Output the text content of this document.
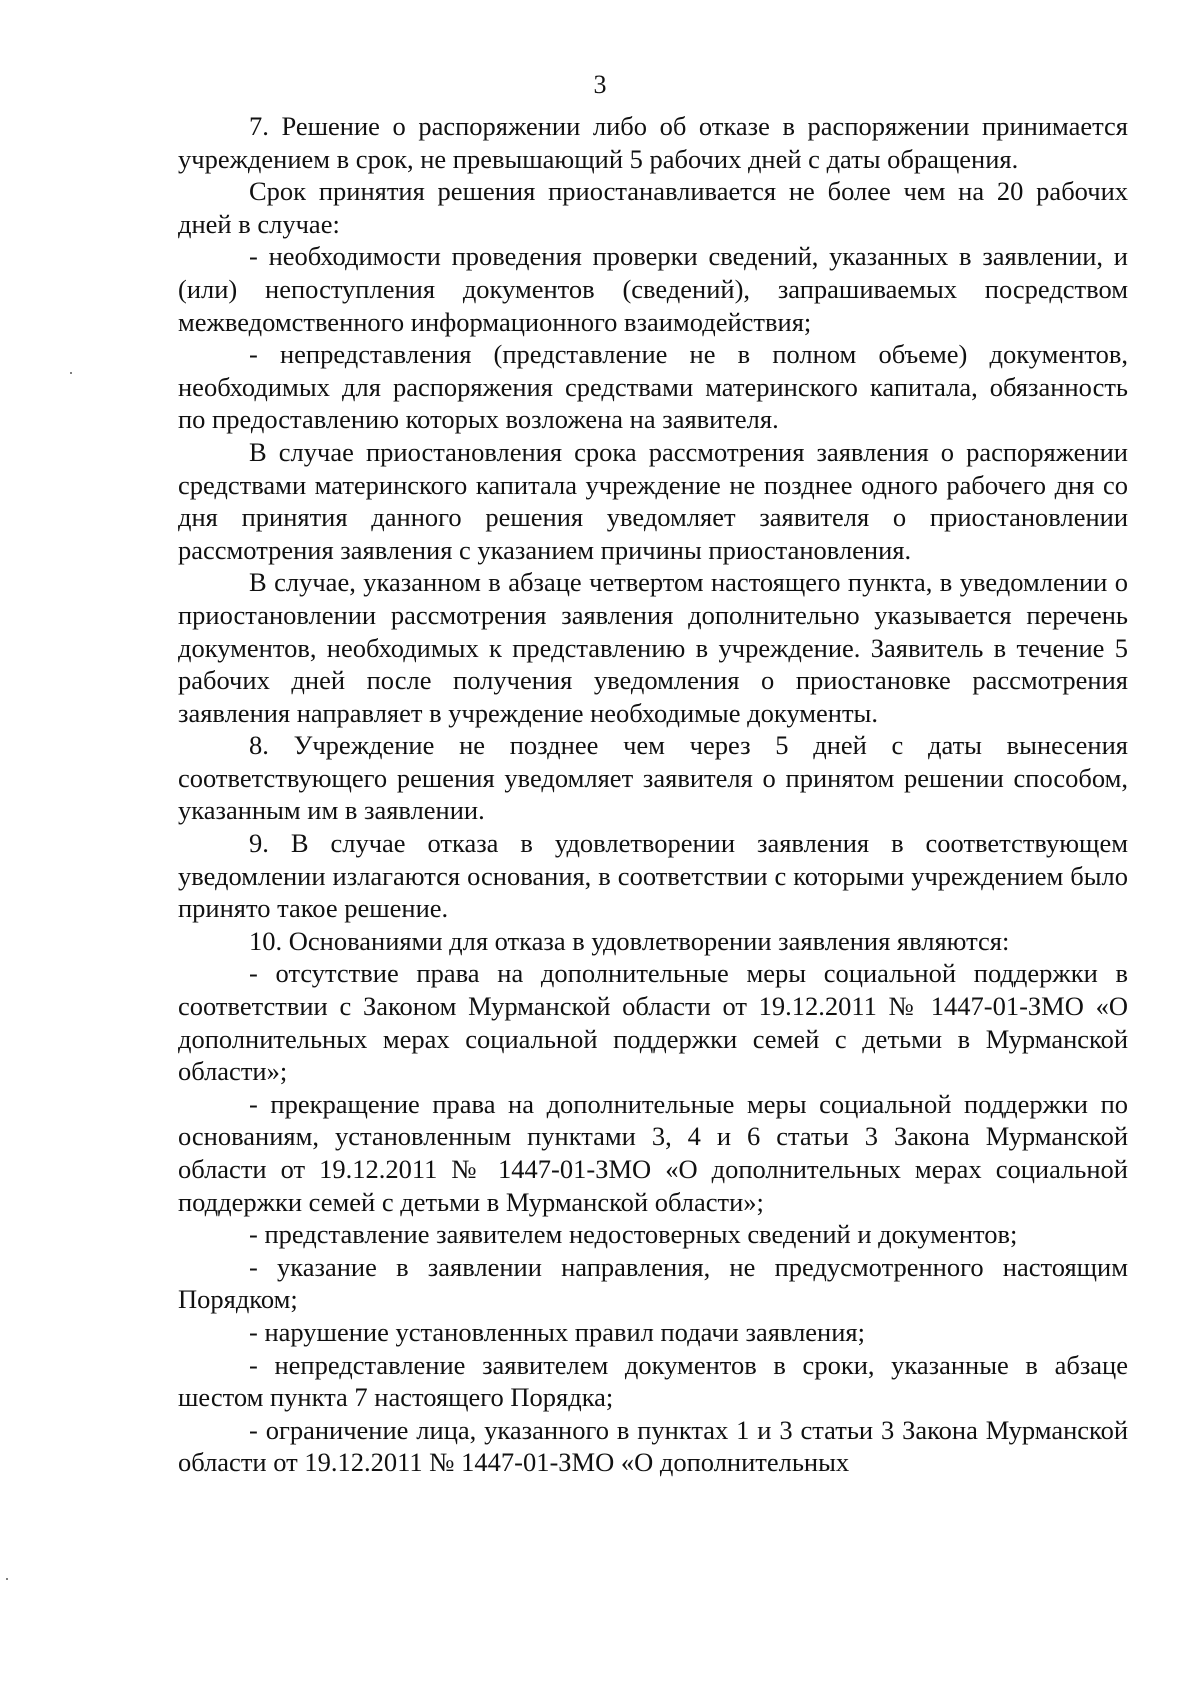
3

7. Решение о распоряжении либо об отказе в распоряжении принимается учреждением в срок, не превышающий 5 рабочих дней с даты обращения.

Срок принятия решения приостанавливается не более чем на 20 рабочих дней в случае:

- необходимости проведения проверки сведений, указанных в заявлении, и (или) непоступления документов (сведений), запрашиваемых посредством межведомственного информационного взаимодействия;

- непредставления (представление не в полном объеме) документов, необходимых для распоряжения средствами материнского капитала, обязанность по предоставлению которых возложена на заявителя.

В случае приостановления срока рассмотрения заявления о распоряжении средствами материнского капитала учреждение не позднее одного рабочего дня со дня принятия данного решения уведомляет заявителя о приостановлении рассмотрения заявления с указанием причины приостановления.

В случае, указанном в абзаце четвертом настоящего пункта, в уведомлении о приостановлении рассмотрения заявления дополнительно указывается перечень документов, необходимых к представлению в учреждение. Заявитель в течение 5 рабочих дней после получения уведомления о приостановке рассмотрения заявления направляет в учреждение необходимые документы.

8. Учреждение не позднее чем через 5 дней с даты вынесения соответствующего решения уведомляет заявителя о принятом решении способом, указанным им в заявлении.

9. В случае отказа в удовлетворении заявления в соответствующем уведомлении излагаются основания, в соответствии с которыми учреждением было принято такое решение.

10. Основаниями для отказа в удовлетворении заявления являются:

- отсутствие права на дополнительные меры социальной поддержки в соответствии с Законом Мурманской области от 19.12.2011 № 1447-01-ЗМО «О дополнительных мерах социальной поддержки семей с детьми в Мурманской области»;

- прекращение права на дополнительные меры социальной поддержки по основаниям, установленным пунктами 3, 4 и 6 статьи 3 Закона Мурманской области от 19.12.2011 № 1447-01-ЗМО «О дополнительных мерах социальной поддержки семей с детьми в Мурманской области»;

- представление заявителем недостоверных сведений и документов;

- указание в заявлении направления, не предусмотренного настоящим Порядком;

- нарушение установленных правил подачи заявления;

- непредставление заявителем документов в сроки, указанные в абзаце шестом пункта 7 настоящего Порядка;

- ограничение лица, указанного в пунктах 1 и 3 статьи 3 Закона Мурманской области от 19.12.2011 № 1447-01-ЗМО «О дополнительных
